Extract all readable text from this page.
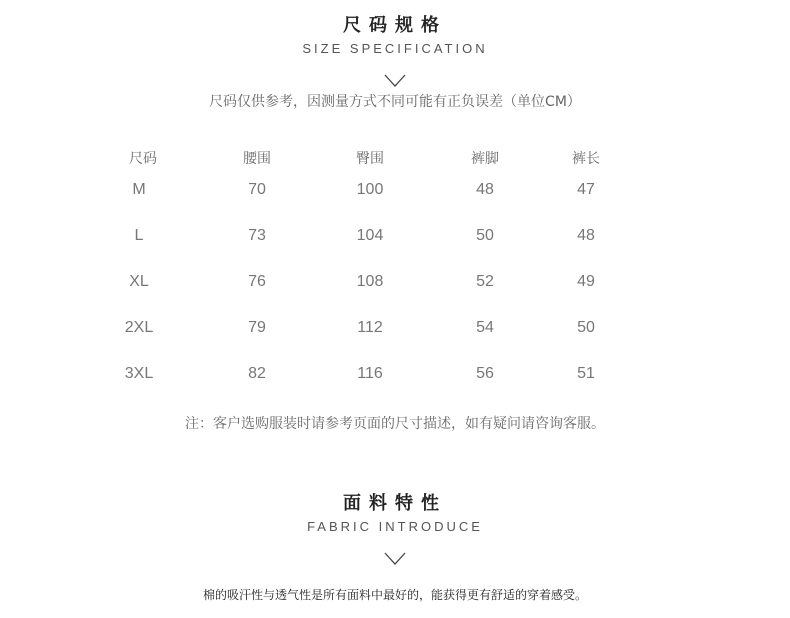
尺码规格
SIZE SPECIFICATION
尺码仅供参考，因测量方式不同可能有正负误差（单位CM）
尺码	腰围	臀围	裤脚	裤长
M	70	100	48	47
L	73	104	50	48
XL	76	108	52	49
2XL	79	112	54	50
3XL	82	116	56	51
注：客户选购服装时请参考页面的尺寸描述，如有疑问请咨询客服。
面料特性
FABRIC INTRODUCE
棉的吸汗性与透气性是所有面料中最好的，能获得更有舒适的穿着感受。
